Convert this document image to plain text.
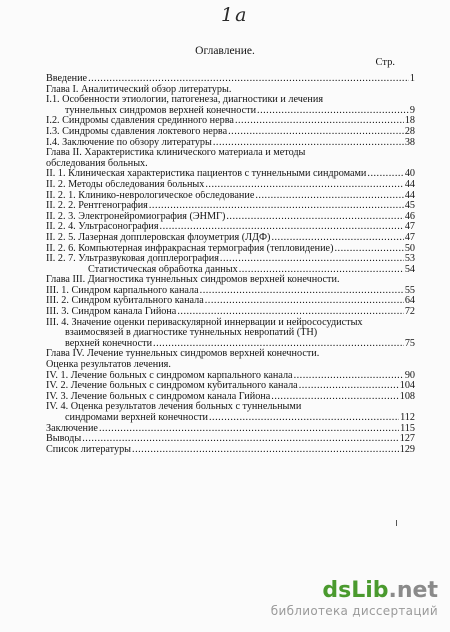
1a
Оглавление.
Стр.
Введение .....	1
Глава I. Аналитический обзор литературы.
I.1. Особенности этиологии, патогенеза, диагностики и лечения
туннельных синдромов верхней конечности .....	9
I.2. Синдромы сдавления срединного нерва .....	18
I.3. Синдромы сдавления локтевого нерва .....	28
I.4. Заключение по обзору литературы .....	38
Глава II. Характеристика клинического материала и методы
обследования больных.
II. 1. Клиническая характеристика пациентов с туннельными синдромами .....	40
II. 2. Методы обследования больных .....	44
II. 2. 1. Клинико-неврологическое обследование .....	44
II. 2. 2. Рентгенография .....	45
II. 2. 3. Электронейромиография (ЭНМГ) .....	46
II. 2. 4. Ультрасонография .....	47
II. 2. 5. Лазерная допплеровская флоуметрия (ЛДФ) .....	47
II. 2. 6. Компьютерная инфракрасная термография (тепловидение) .....	50
II. 2. 7. Ультразвуковая допплерография .....	53
Статистическая обработка данных .....	54
Глава III. Диагностика туннельных синдромов верхней конечности.
III. 1. Синдром карпального канала .....	55
III. 2. Синдром кубитального канала .....	64
III. 3. Синдром канала Гийона .....	72
III. 4. Значение оценки периваскулярной иннервации и нейрососудистых
взаимосвязей в диагностике туннельных невропатий (ТН)
верхней конечности .....	75
Глава IV. Лечение туннельных синдромов верхней конечности.
Оценка результатов лечения.
IV. 1. Лечение больных с синдромом карпального канала .....	90
IV. 2. Лечение больных с синдромом кубитального канала .....	104
IV. 3. Лечение больных с синдромом канала Гийона .....	108
IV. 4. Оценка результатов лечения больных с туннельными
синдромами верхней конечности .....	112
Заключение .....	115
Выводы .....	127
Список литературы .....	129
dsLib.net
библиотека диссертаций
